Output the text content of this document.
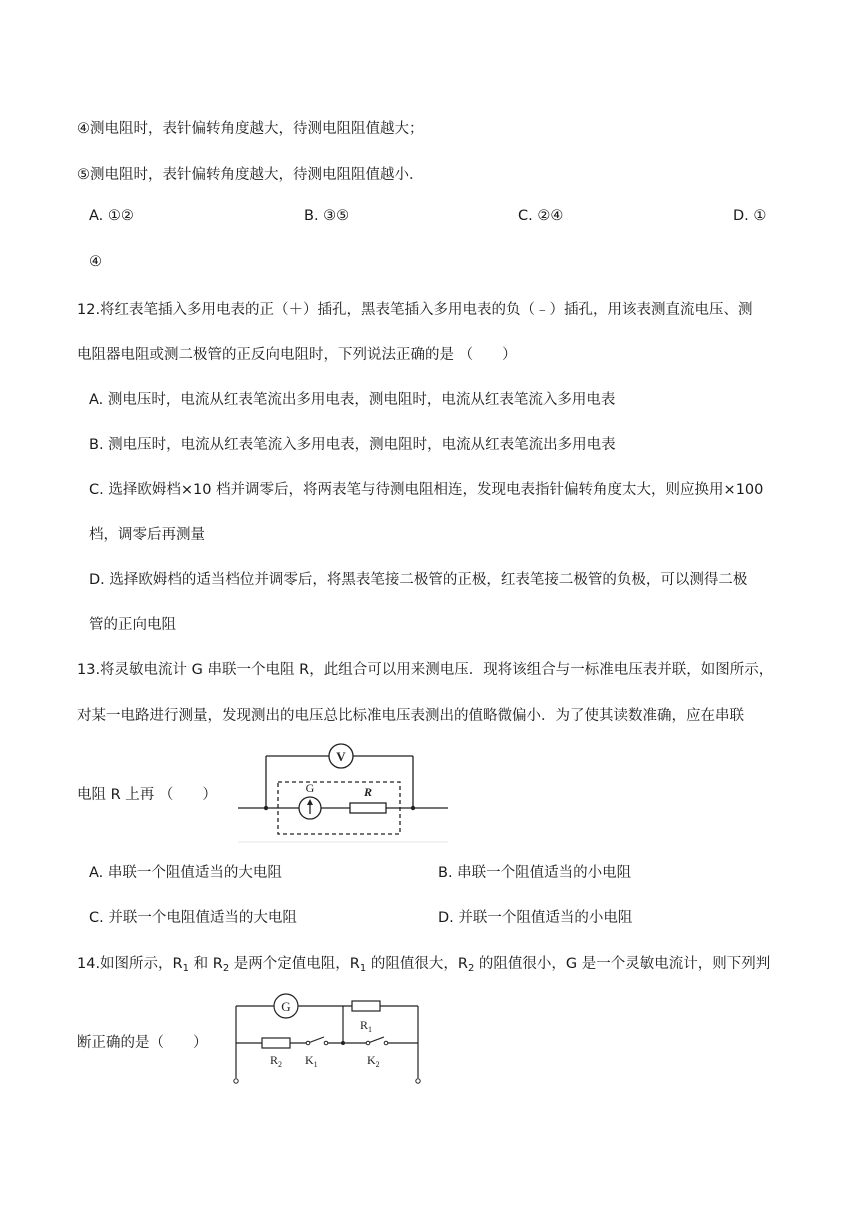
④测电阻时，表针偏转角度越大，待测电阻阻值越大；
⑤测电阻时，表针偏转角度越大，待测电阻阻值越小．
A. ①②	B. ③⑤	C. ②④	D. ①
④
12.将红表笔插入多用电表的正（＋）插孔，黑表笔插入多用电表的负（﹣）插孔，用该表测直流电压、测
电阻器电阻或测二极管的正反向电阻时，下列说法正确的是 （　　）
A. 测电压时，电流从红表笔流出多用电表，测电阻时，电流从红表笔流入多用电表
B. 测电压时，电流从红表笔流入多用电表，测电阻时，电流从红表笔流出多用电表
C. 选择欧姆档×10 档并调零后，将两表笔与待测电阻相连，发现电表指针偏转角度太大，则应换用×100
档，调零后再测量
D. 选择欧姆档的适当档位并调零后，将黑表笔接二极管的正极，红表笔接二极管的负极，可以测得二极
管的正向电阻
13.将灵敏电流计 G 串联一个电阻 R，此组合可以用来测电压．现将该组合与一标准电压表并联，如图所示，
对某一电路进行测量，发现测出的电压总比标准电压表测出的值略微偏小．为了使其读数准确，应在串联
电阻 R 上再 （　　）
V
G	R
A. 串联一个阻值适当的大电阻	B. 串联一个阻值适当的小电阻
C. 并联一个电阻值适当的大电阻	D. 并联一个阻值适当的小电阻
14.如图所示，$R_1$ 和 $R_2$ 是两个定值电阻，$R_1$ 的阻值很大，$R_2$ 的阻值很小，G 是一个灵敏电流计，则下列判
断正确的是（　　）
G
$R_1$
$R_2$ $K_1$	$K_2$
